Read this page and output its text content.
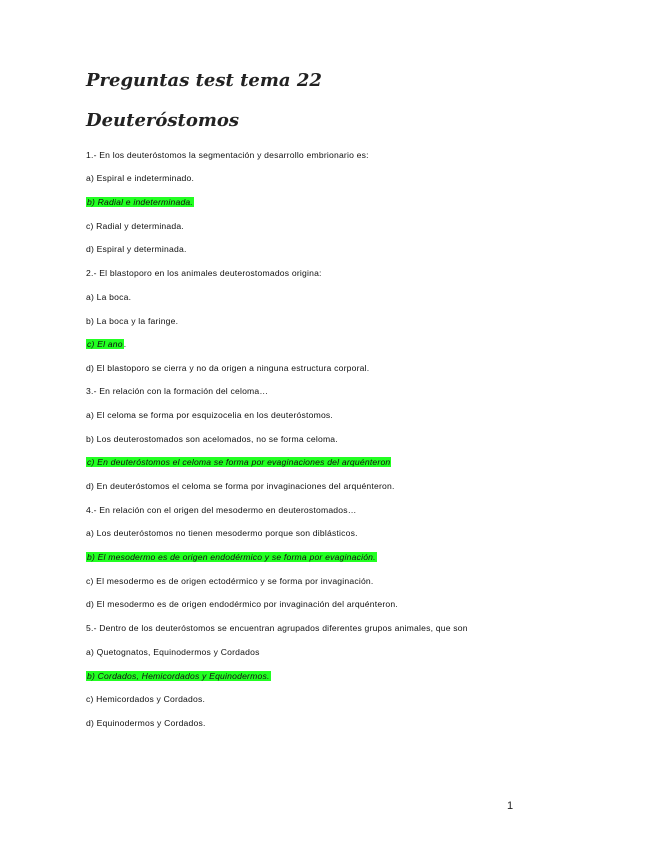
Preguntas test tema 22
Deuteróstomos

1.- En los deuteróstomos la segmentación y desarrollo embrionario es:

a) Espiral e indeterminado.

b) Radial e indeterminada.

c) Radial y determinada.

d) Espiral y determinada.

2.- El blastoporo en los animales deuterostomados origina:

a) La boca.

b) La boca y la faringe.

c) El ano.

d) El blastoporo se cierra y no da origen a ninguna estructura corporal.

3.- En relación con la formación del celoma…

a) El celoma se forma por esquizocelia en los deuteróstomos.

b) Los deuterostomados son acelomados, no se forma celoma.

c) En deuteróstomos el celoma se forma por evaginaciones del arquénteron

d) En deuteróstomos el celoma se forma por invaginaciones del arquénteron.

4.- En relación con el origen del mesodermo en deuterostomados…

a) Los deuteróstomos no tienen mesodermo porque son diblásticos.

b) El mesodermo es de origen endodérmico y se forma por evaginación.

c) El mesodermo es de origen ectodérmico y se forma por invaginación.

d) El mesodermo es de origen endodérmico por invaginación del arquénteron.

5.- Dentro de los deuteróstomos se encuentran agrupados diferentes grupos animales, que son

a) Quetognatos, Equinodermos y Cordados

b) Cordados, Hemicordados y Equinodermos.

c) Hemicordados y Cordados.

d) Equinodermos y Cordados.

1
